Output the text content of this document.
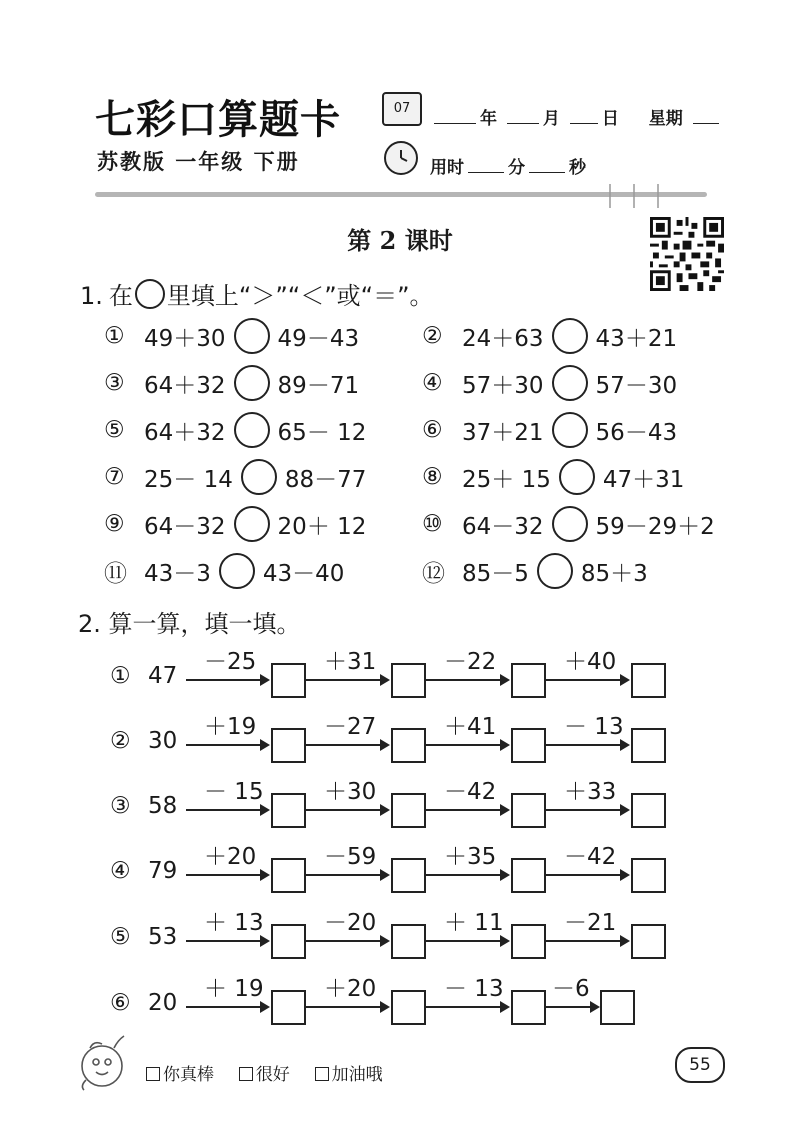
七彩口算题卡
苏教版 一年级 下册
07
年	月 日 星期
用时	分	秒
第 2 课时
1. 在 里填上“＞”“＜”或“＝”。
① 49＋30 49－43
③ 64＋32 89－71
⑤ 64＋32 65－ 12
⑦ 25－ 14 88－77
⑨ 64－32 20＋ 12
⑪ 43－3 43－40
② 24＋63 43＋21
④ 57＋30 57－30
⑥ 37＋21 56－43
⑧ 25＋ 15 47＋31
⑩ 64－32 59－29＋2
⑫ 85－5 85＋3
2. 算一算，填一填。
① 47
－25	＋31	－22	＋40
② 30
＋19	－27	＋41	－ 13
③ 58
－ 15	＋30	－42	＋33
④ 79
＋20	－59	＋35	－42
⑤ 53
＋ 13	－20	＋ 11	－21
⑥ 20
＋ 19	＋20	－ 13 －6
你真棒 很好 加油哦	55
